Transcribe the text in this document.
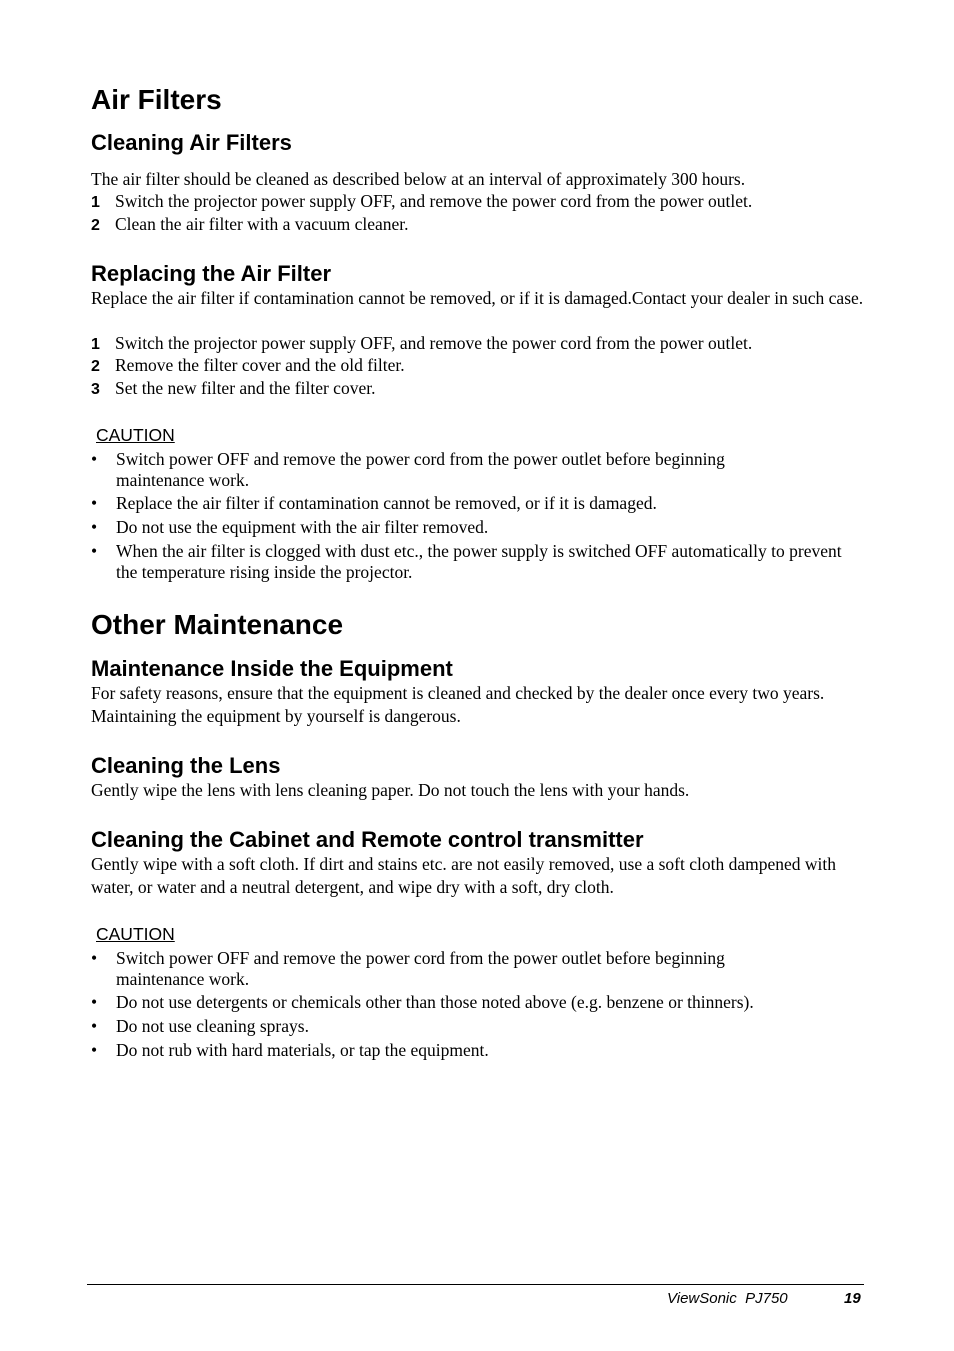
Air Filters
Cleaning Air Filters
The air filter should be cleaned as described below at an interval of approximately 300 hours.
1 Switch the projector power supply OFF, and remove the power cord from the power outlet.
2 Clean the air filter with a vacuum cleaner.
Replacing the Air Filter
Replace the air filter if contamination cannot be removed, or if it is damaged.Contact your dealer in such case.
1 Switch the projector power supply OFF, and remove the power cord from the power outlet.
2 Remove the filter cover and the old filter.
3 Set the new filter and the filter cover.
CAUTION
•	Switch power OFF and remove the power cord from the power outlet before beginning maintenance work.
•	Replace the air filter if contamination cannot be removed, or if it is damaged.
•	Do not use the equipment with the air filter removed.
•	When the air filter is clogged with dust etc., the power supply is switched OFF automatically to prevent the temperature rising inside the projector.
Other Maintenance
Maintenance Inside the Equipment
For safety reasons, ensure that the equipment is cleaned and checked by the dealer once every two years. Maintaining the equipment by yourself is dangerous.
Cleaning the Lens
Gently wipe the lens with lens cleaning paper. Do not touch the lens with your hands.
Cleaning the Cabinet and Remote control transmitter
Gently wipe with a soft cloth. If dirt and stains etc. are not easily removed, use a soft cloth dampened with water, or water and a neutral detergent, and wipe dry with a soft, dry cloth.
CAUTION
•	Switch power OFF and remove the power cord from the power outlet before beginning maintenance work.
•	Do not use detergents or chemicals other than those noted above (e.g. benzene or thinners).
•	Do not use cleaning sprays.
•	Do not rub with hard materials, or tap the equipment.
ViewSonic  PJ750	19
